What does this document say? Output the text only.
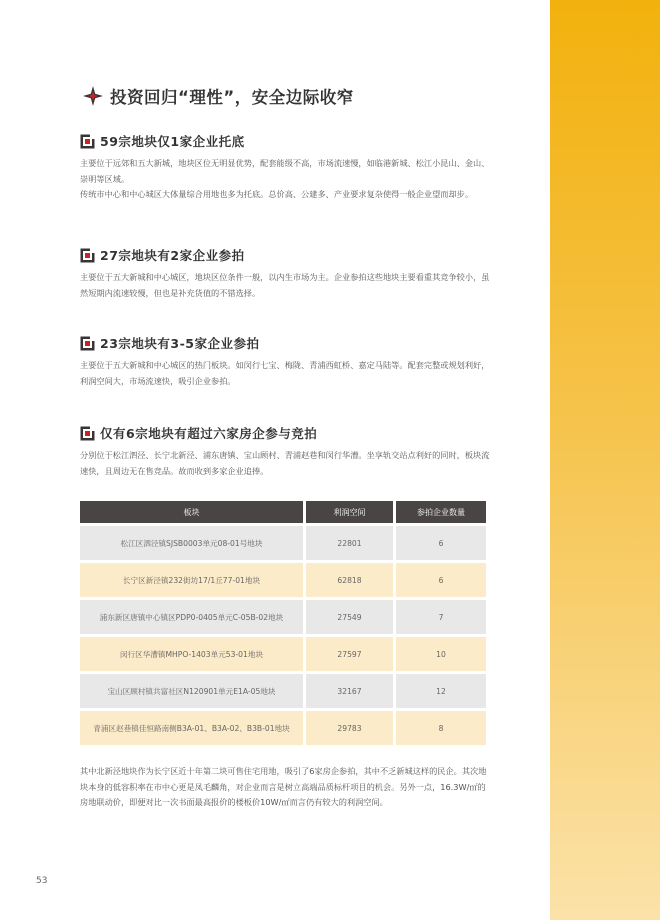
投资回归“理性”，安全边际收窄
59宗地块仅1家企业托底

主要位于远郊和五大新城，地块区位无明显优势，配套能级不高，市场流速慢，如临港新城、松江小昆山、金山、崇明等区域。

传统市中心和中心城区大体量综合用地也多为托底。总价高、公建多、产业要求复杂使得一般企业望而却步。

27宗地块有2家企业参拍

主要位于五大新城和中心城区，地块区位条件一般，以内生市场为主。企业参拍这些地块主要看重其竞争较小，虽然短期内流速较慢，但也是补充货值的不错选择。

23宗地块有3-5家企业参拍

主要位于五大新城和中心城区的热门板块。如闵行七宝、梅陇、青浦西虹桥、嘉定马陆等。配套完整或规划利好，利润空间大，市场流速快，吸引企业参拍。

仅有6宗地块有超过六家房企参与竞拍

分别位于松江泗泾、长宁北新泾、浦东唐镇、宝山顾村、青浦赵巷和闵行华漕。坐享轨交站点利好的同时，板块流速快，且周边无在售竞品。故而收到多家企业追捧。

板块	利润空间	参拍企业数量
松江区泗泾镇SJSB0003单元08-01号地块	22801	6
长宁区新泾镇232街坊17/1丘77-01地块	62818	6
浦东新区唐镇中心镇区PDP0-0405单元C-05B-02地块	27549	7
闵行区华漕镇MHPO-1403单元53-01地块	27597	10
宝山区顾村镇共富社区N120901单元E1A-05地块	32167	12
青浦区赵巷镇佳恒路南侧B3A-01、B3A-02、B3B-01地块	29783	8

其中北新泾地块作为长宁区近十年第二块可售住宅用地，吸引了6家房企参拍，其中不乏新城这样的民企。其次地块本身的低容积率在市中心更是凤毛麟角，对企业而言是树立高端品质标杆项目的机会。另外一点，16.3W/㎡的房地联动价，即便对比一次书面最高报价的楼板价10W/㎡而言仍有较大的利润空间。

53
